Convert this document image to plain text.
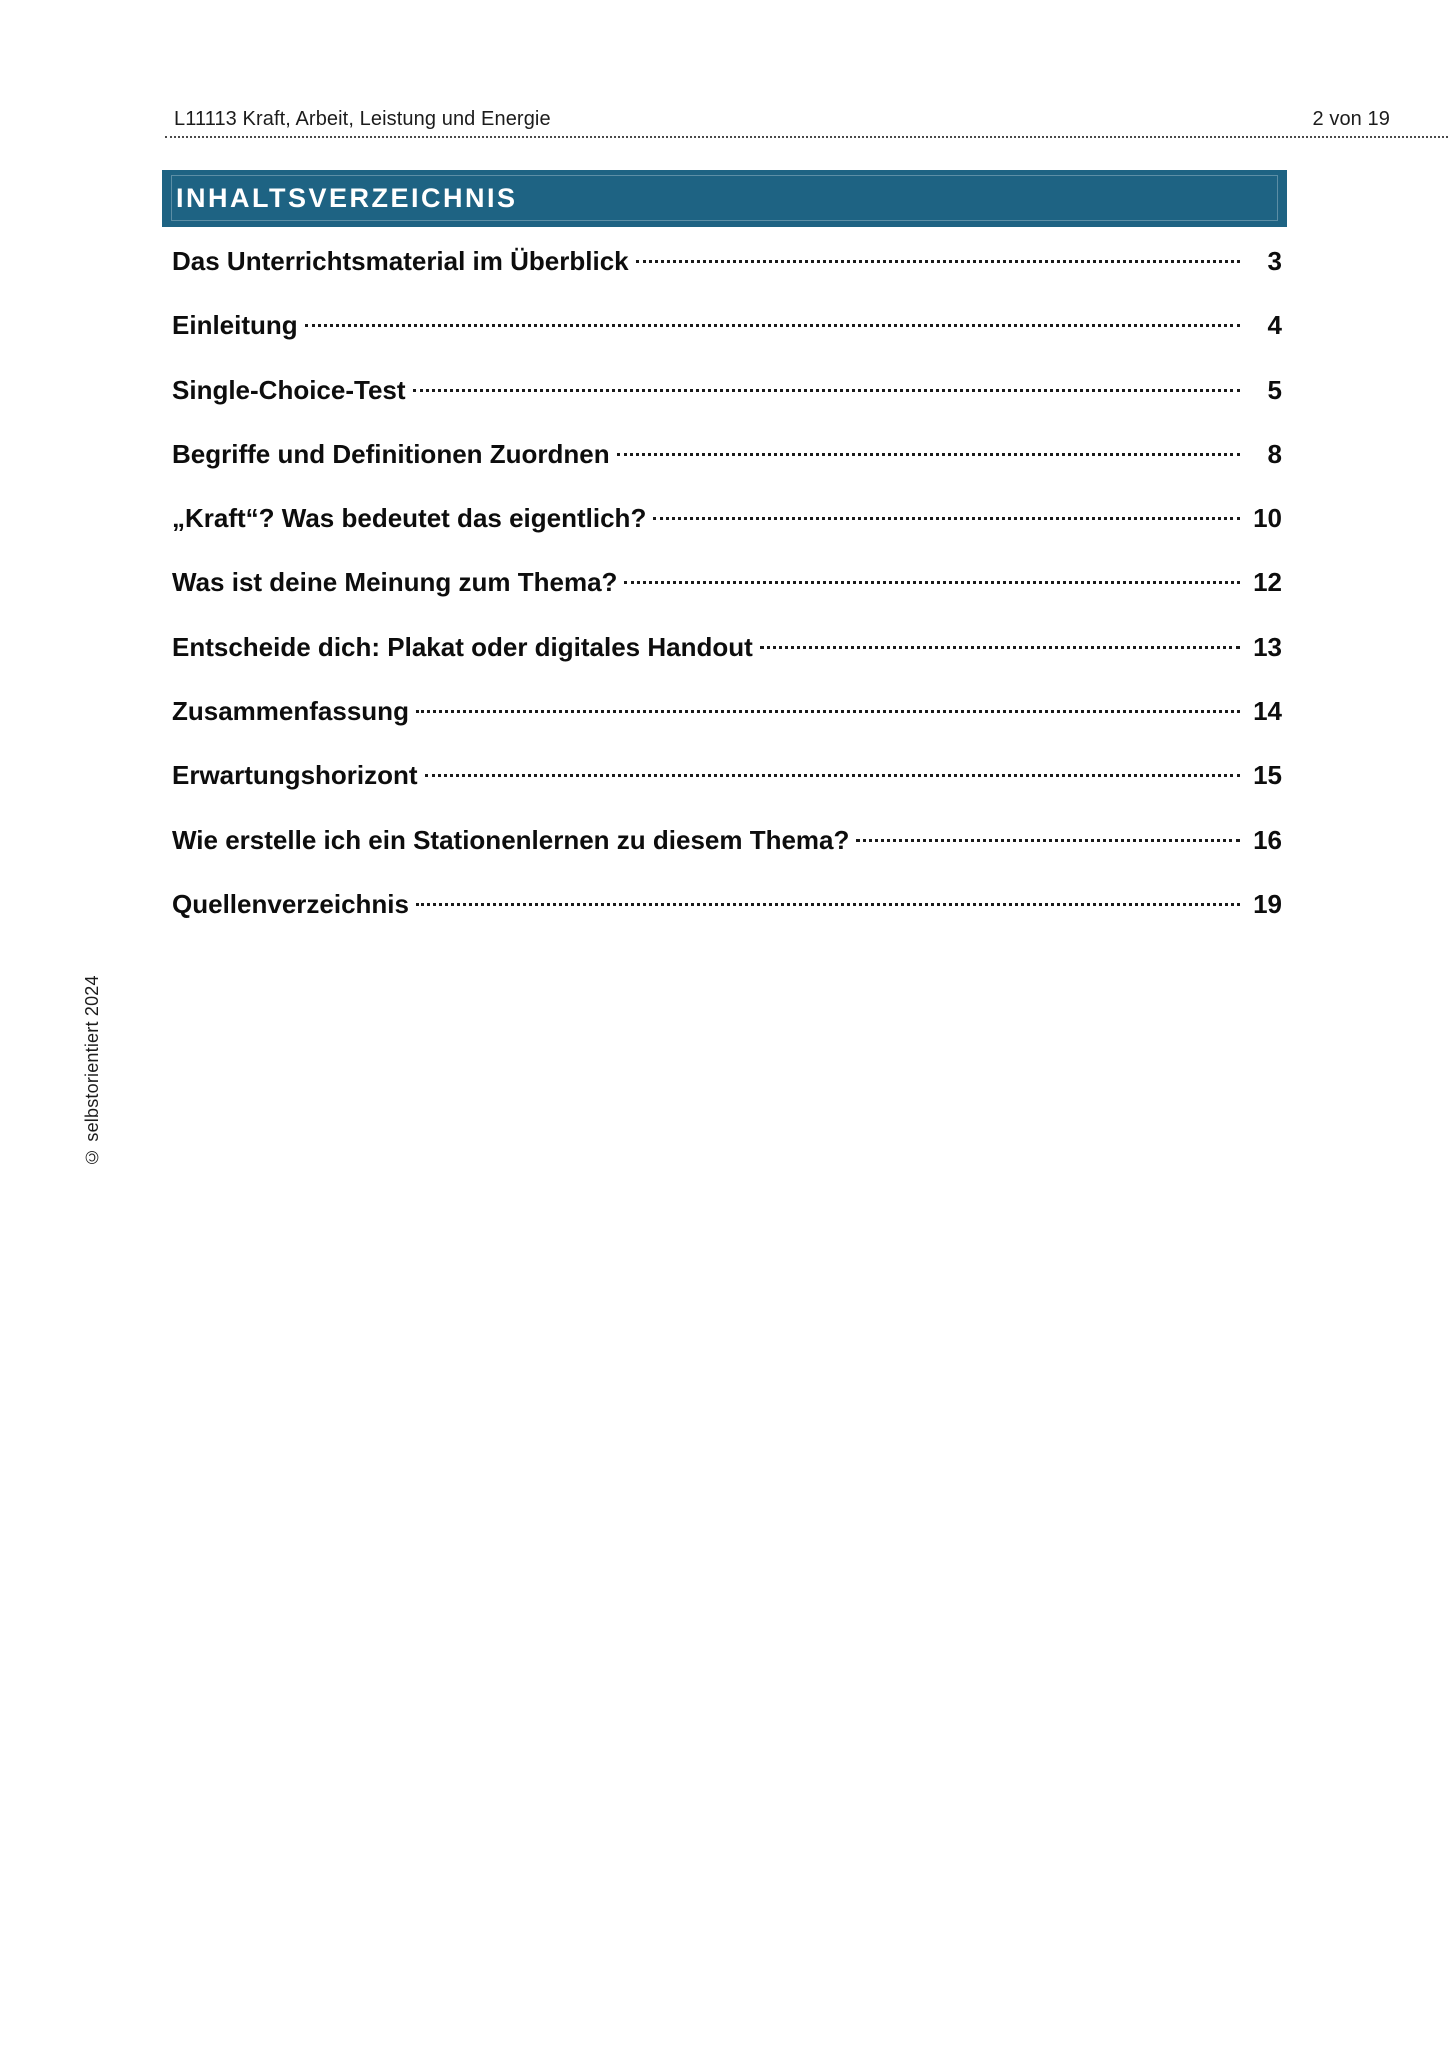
L11113 Kraft, Arbeit, Leistung und Energie	2 von 19
INHALTSVERZEICHNIS
Das Unterrichtsmaterial im Überblick	3
Einleitung	4
Single-Choice-Test	5
Begriffe und Definitionen Zuordnen	8
„Kraft“? Was bedeutet das eigentlich?	10
Was ist deine Meinung zum Thema?	12
Entscheide dich: Plakat oder digitales Handout	13
Zusammenfassung	14
Erwartungshorizont	15
Wie erstelle ich ein Stationenlernen zu diesem Thema?	16
Quellenverzeichnis	19
© selbstorientiert 2024
